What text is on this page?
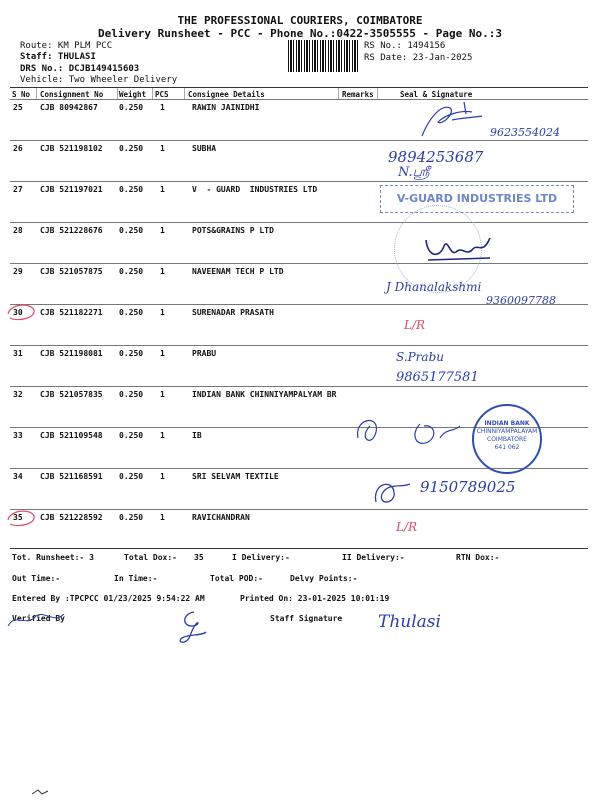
THE PROFESSIONAL COURIERS, COIMBATORE
Delivery Runsheet - PCC - Phone No.:0422-3505555 - Page No.:3
Route: KM PLM PCC
Staff: THULASI
DRS No.: DCJB149415603
Vehicle: Two Wheeler Delivery
RS No.: 1494156
RS Date: 23-Jan-2025
S No Consignment No Weight PCS	Consignee Details	Remarks	Seal & Signature
25 CJB 80942867	0.250 1	RAWIN JAINIDHI
26 CJB 521198102 0.250 1	SUBHA
27 CJB 521197021 0.250 1	V  - GUARD  INDUSTRIES LTD
28 CJB 521228676 0.250 1	POTS&GRAINS P LTD
29 CJB 521057875 0.250 1	NAVEENAM TECH P LTD
30 CJB 521182271 0.250 1	SURENADAR PRASATH
31 CJB 521198081 0.250 1	PRABU
32 CJB 521057835 0.250 1	INDIAN BANK CHINNIYAMPALYAM BR
33 CJB 521109548 0.250 1	IB
34 CJB 521168591 0.250 1	SRI SELVAM TEXTILE
35 CJB 521228592 0.250 1	RAVICHANDRAN
9623554024
9894253687
N.ஸ்ரீ
V-GUARD INDUSTRIES LTD
J Dhanalakshmi
9360097788
L/R
S.Prabu
9865177581
INDIAN BANK
CHINNIYAMPALAYAM
COIMBATORE
641 062
9150789025
L/R
Tot. Runsheet:- 3	Total Dox:- 35	I Delivery:-	II Delivery:-	RTN Dox:-
Out Time:-	In Time:-	Total POD:-	Delvy Points:-
Entered By :TPCPCC 01/23/2025 9:54:22 AM	Printed On: 23-01-2025 10:01:19
Verified By	Staff Signature Thulasi
